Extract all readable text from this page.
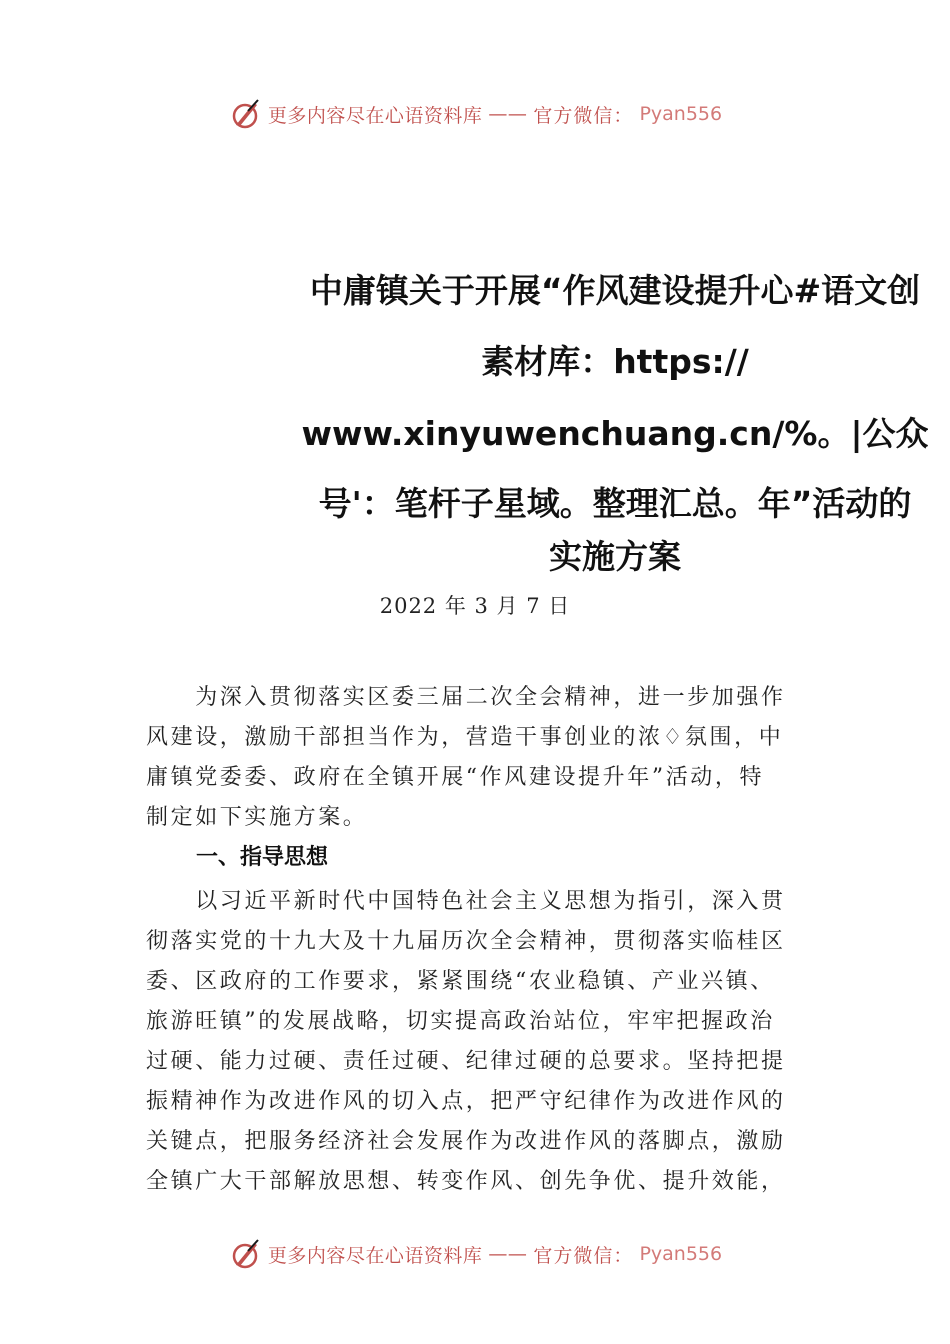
更多内容尽在心语资料库 —— 官方微信： Pyan556
中庸镇关于开展“作风建设提升心#语文创
素材库：https://
www.xinyuwenchuang.cn/%。|公众
号'：笔杆子星域。整理汇总。年”活动的
实施方案
2022 年 3 月 7 日
　　为深入贯彻落实区委三届二次全会精神，进一步加强作
风建设，激励干部担当作为，营造干事创业的浓♢氛围，中
庸镇党委委、政府在全镇开展“作风建设提升年”活动，特
制定如下实施方案。
一、指导思想
　　以习近平新时代中国特色社会主义思想为指引，深入贯
彻落实党的十九大及十九届历次全会精神，贯彻落实临桂区
委、区政府的工作要求，紧紧围绕“农业稳镇、产业兴镇、
旅游旺镇”的发展战略，切实提高政治站位，牢牢把握政治
过硬、能力过硬、责任过硬、纪律过硬的总要求。坚持把提
振精神作为改进作风的切入点，把严守纪律作为改进作风的
关键点，把服务经济社会发展作为改进作风的落脚点，激励
全镇广大干部解放思想、转变作风、创先争优、提升效能，
更多内容尽在心语资料库 —— 官方微信： Pyan556
